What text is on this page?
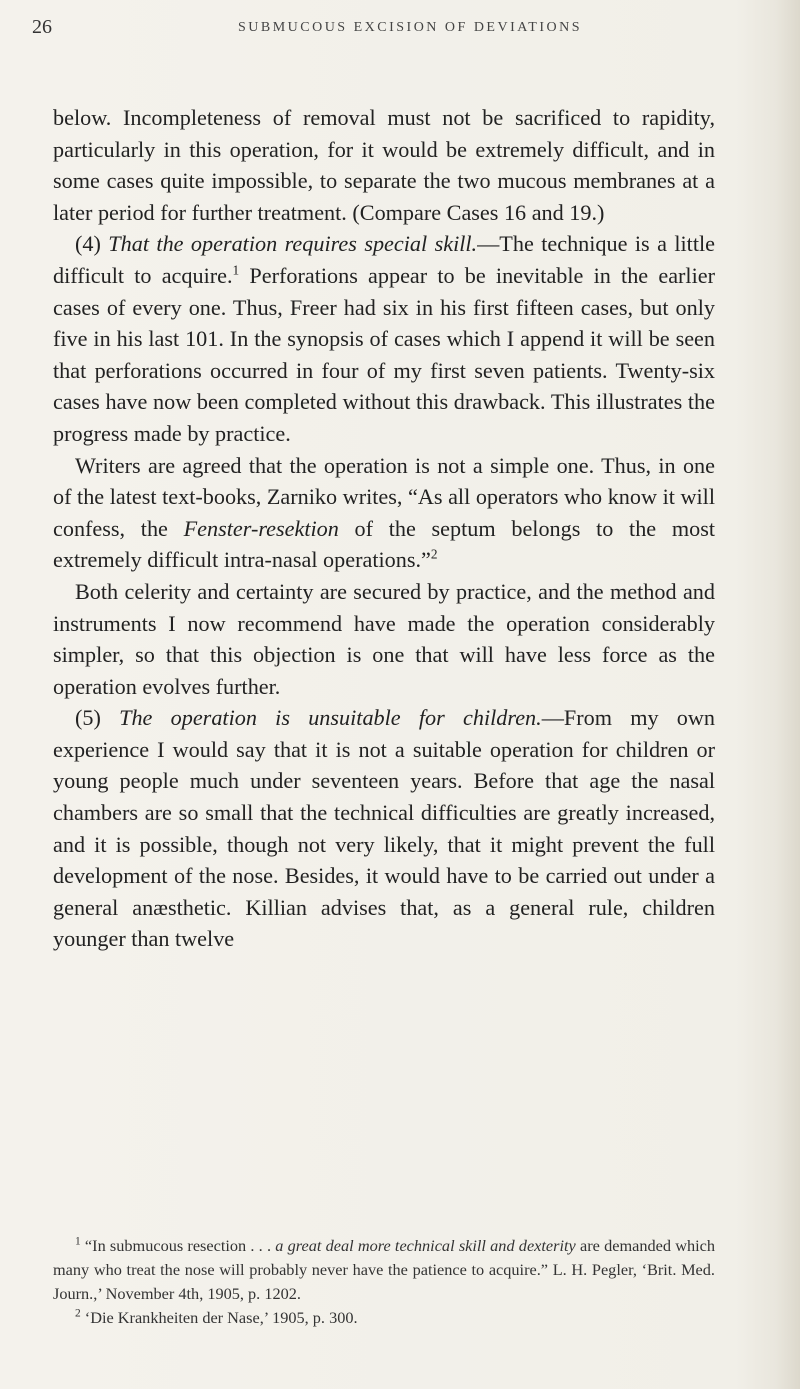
26	SUBMUCOUS EXCISION OF DEVIATIONS

below. Incompleteness of removal must not be sacrificed to rapidity, particularly in this operation, for it would be extremely difficult, and in some cases quite impossible, to separate the two mucous membranes at a later period for further treatment. (Compare Cases 16 and 19.)

(4) That the operation requires special skill.—The technique is a little difficult to acquire.$^1$ Perforations appear to be inevitable in the earlier cases of every one. Thus, Freer had six in his first fifteen cases, but only five in his last 101. In the synopsis of cases which I append it will be seen that perforations occurred in four of my first seven patients. Twenty-six cases have now been completed without this drawback. This illustrates the progress made by practice.

Writers are agreed that the operation is not a simple one. Thus, in one of the latest text-books, Zarniko writes, “As all operators who know it will confess, the Fenster-resektion of the septum belongs to the most extremely difficult intra-nasal operations.”$^2$

Both celerity and certainty are secured by practice, and the method and instruments I now recommend have made the operation considerably simpler, so that this objection is one that will have less force as the operation evolves further.

(5) The operation is unsuitable for children.—From my own experience I would say that it is not a suitable operation for children or young people much under seventeen years. Before that age the nasal chambers are so small that the technical difficulties are greatly increased, and it is possible, though not very likely, that it might prevent the full development of the nose. Besides, it would have to be carried out under a general anæsthetic. Killian advises that, as a general rule, children younger than twelve

$^1$ “In submucous resection . . . a great deal more technical skill and dexterity are demanded which many who treat the nose will probably never have the patience to acquire.” L. H. Pegler, ‘Brit. Med. Journ.,’ November 4th, 1905, p. 1202.

$^2$ ‘Die Krankheiten der Nase,’ 1905, p. 300.
